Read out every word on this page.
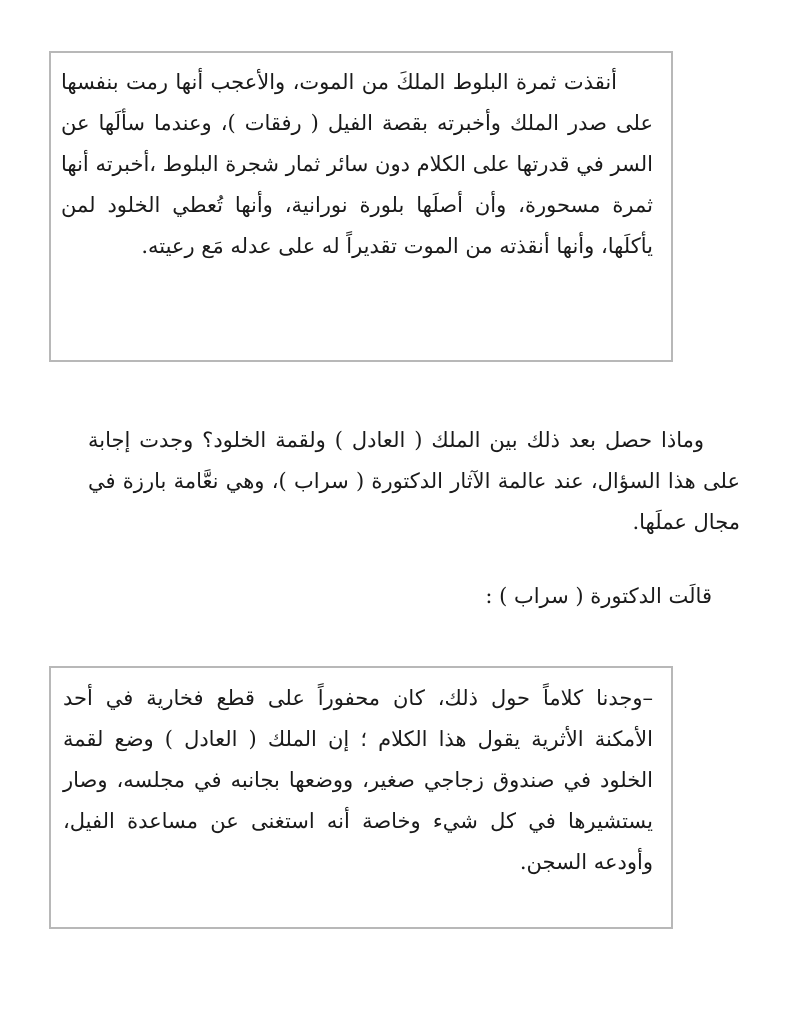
أنقذت ثمرة البلوط الملكَ من الموت، والأعجب أنها رمت بنفسها على صدر الملك وأخبرته بقصة الفيل ( رفقات )، وعندما سألَها عن السر في قدرتها على الكلام دون سائر ثمار شجرة البلوط ،أخبرته أنها ثمرة مسحورة، وأن أصلَها بلورة نورانية، وأنها تُعطي الخلود لمن يأكلَها، وأنها أنقذته من الموت تقديراً له على عدله مَع رعيته.
وماذا حصل بعد ذلك بين الملك ( العادل ) ولقمة الخلود؟ وجدت إجابة على هذا السؤال، عند عالمة الآثار الدكتورة ( سراب )، وهي نعَّامة بارزة في مجال عملَها.
قالَت الدكتورة ( سراب ) :
–وجدنا كلاماً حول ذلك، كان محفوراً على قطع فخارية في أحد الأمكنة الأثرية يقول هذا الكلام ؛ إن الملك ( العادل ) وضع لقمة الخلود في صندوق زجاجي صغير، ووضعها بجانبه في مجلسه، وصار يستشيرها في كل شيء وخاصة أنه استغنى عن مساعدة الفيل، وأودعه السجن.
